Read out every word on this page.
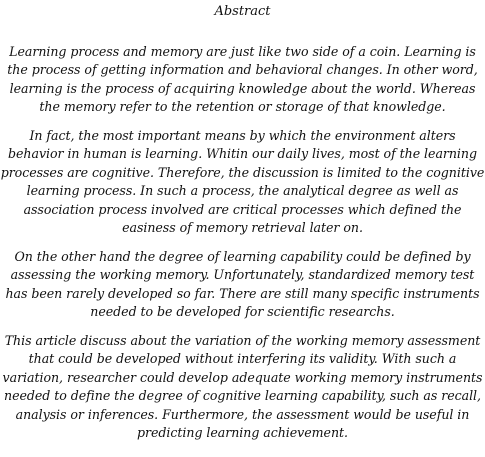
Abstract
Learning process and memory are just like two side of a coin. Learning is
the process of getting information and behavioral changes. In other word,
learning is the process of acquiring knowledge about the world. Whereas
the memory refer to the retention or storage of that knowledge.
In fact, the most important means by which the environment alters
behavior in human is learning. Whitin our daily lives, most of the learning
processes are cognitive. Therefore, the discussion is limited to the cognitive
learning process. In such a process, the analytical degree as well as
association process involved are critical processes which defined the
easiness of memory retrieval later on.
On the other hand the degree of learning capability could be defined by
assessing the working memory. Unfortunately, standardized memory test
has been rarely developed so far. There are still many specific instruments
needed to be developed for scientific researchs.
This article discuss about the variation of the working memory assessment
that could be developed without interfering its validity. With such a
variation, researcher could develop adequate working memory instruments
needed to define the degree of cognitive learning capability, such as recall,
analysis or inferences. Furthermore, the assessment would be useful in
predicting learning achievement.
